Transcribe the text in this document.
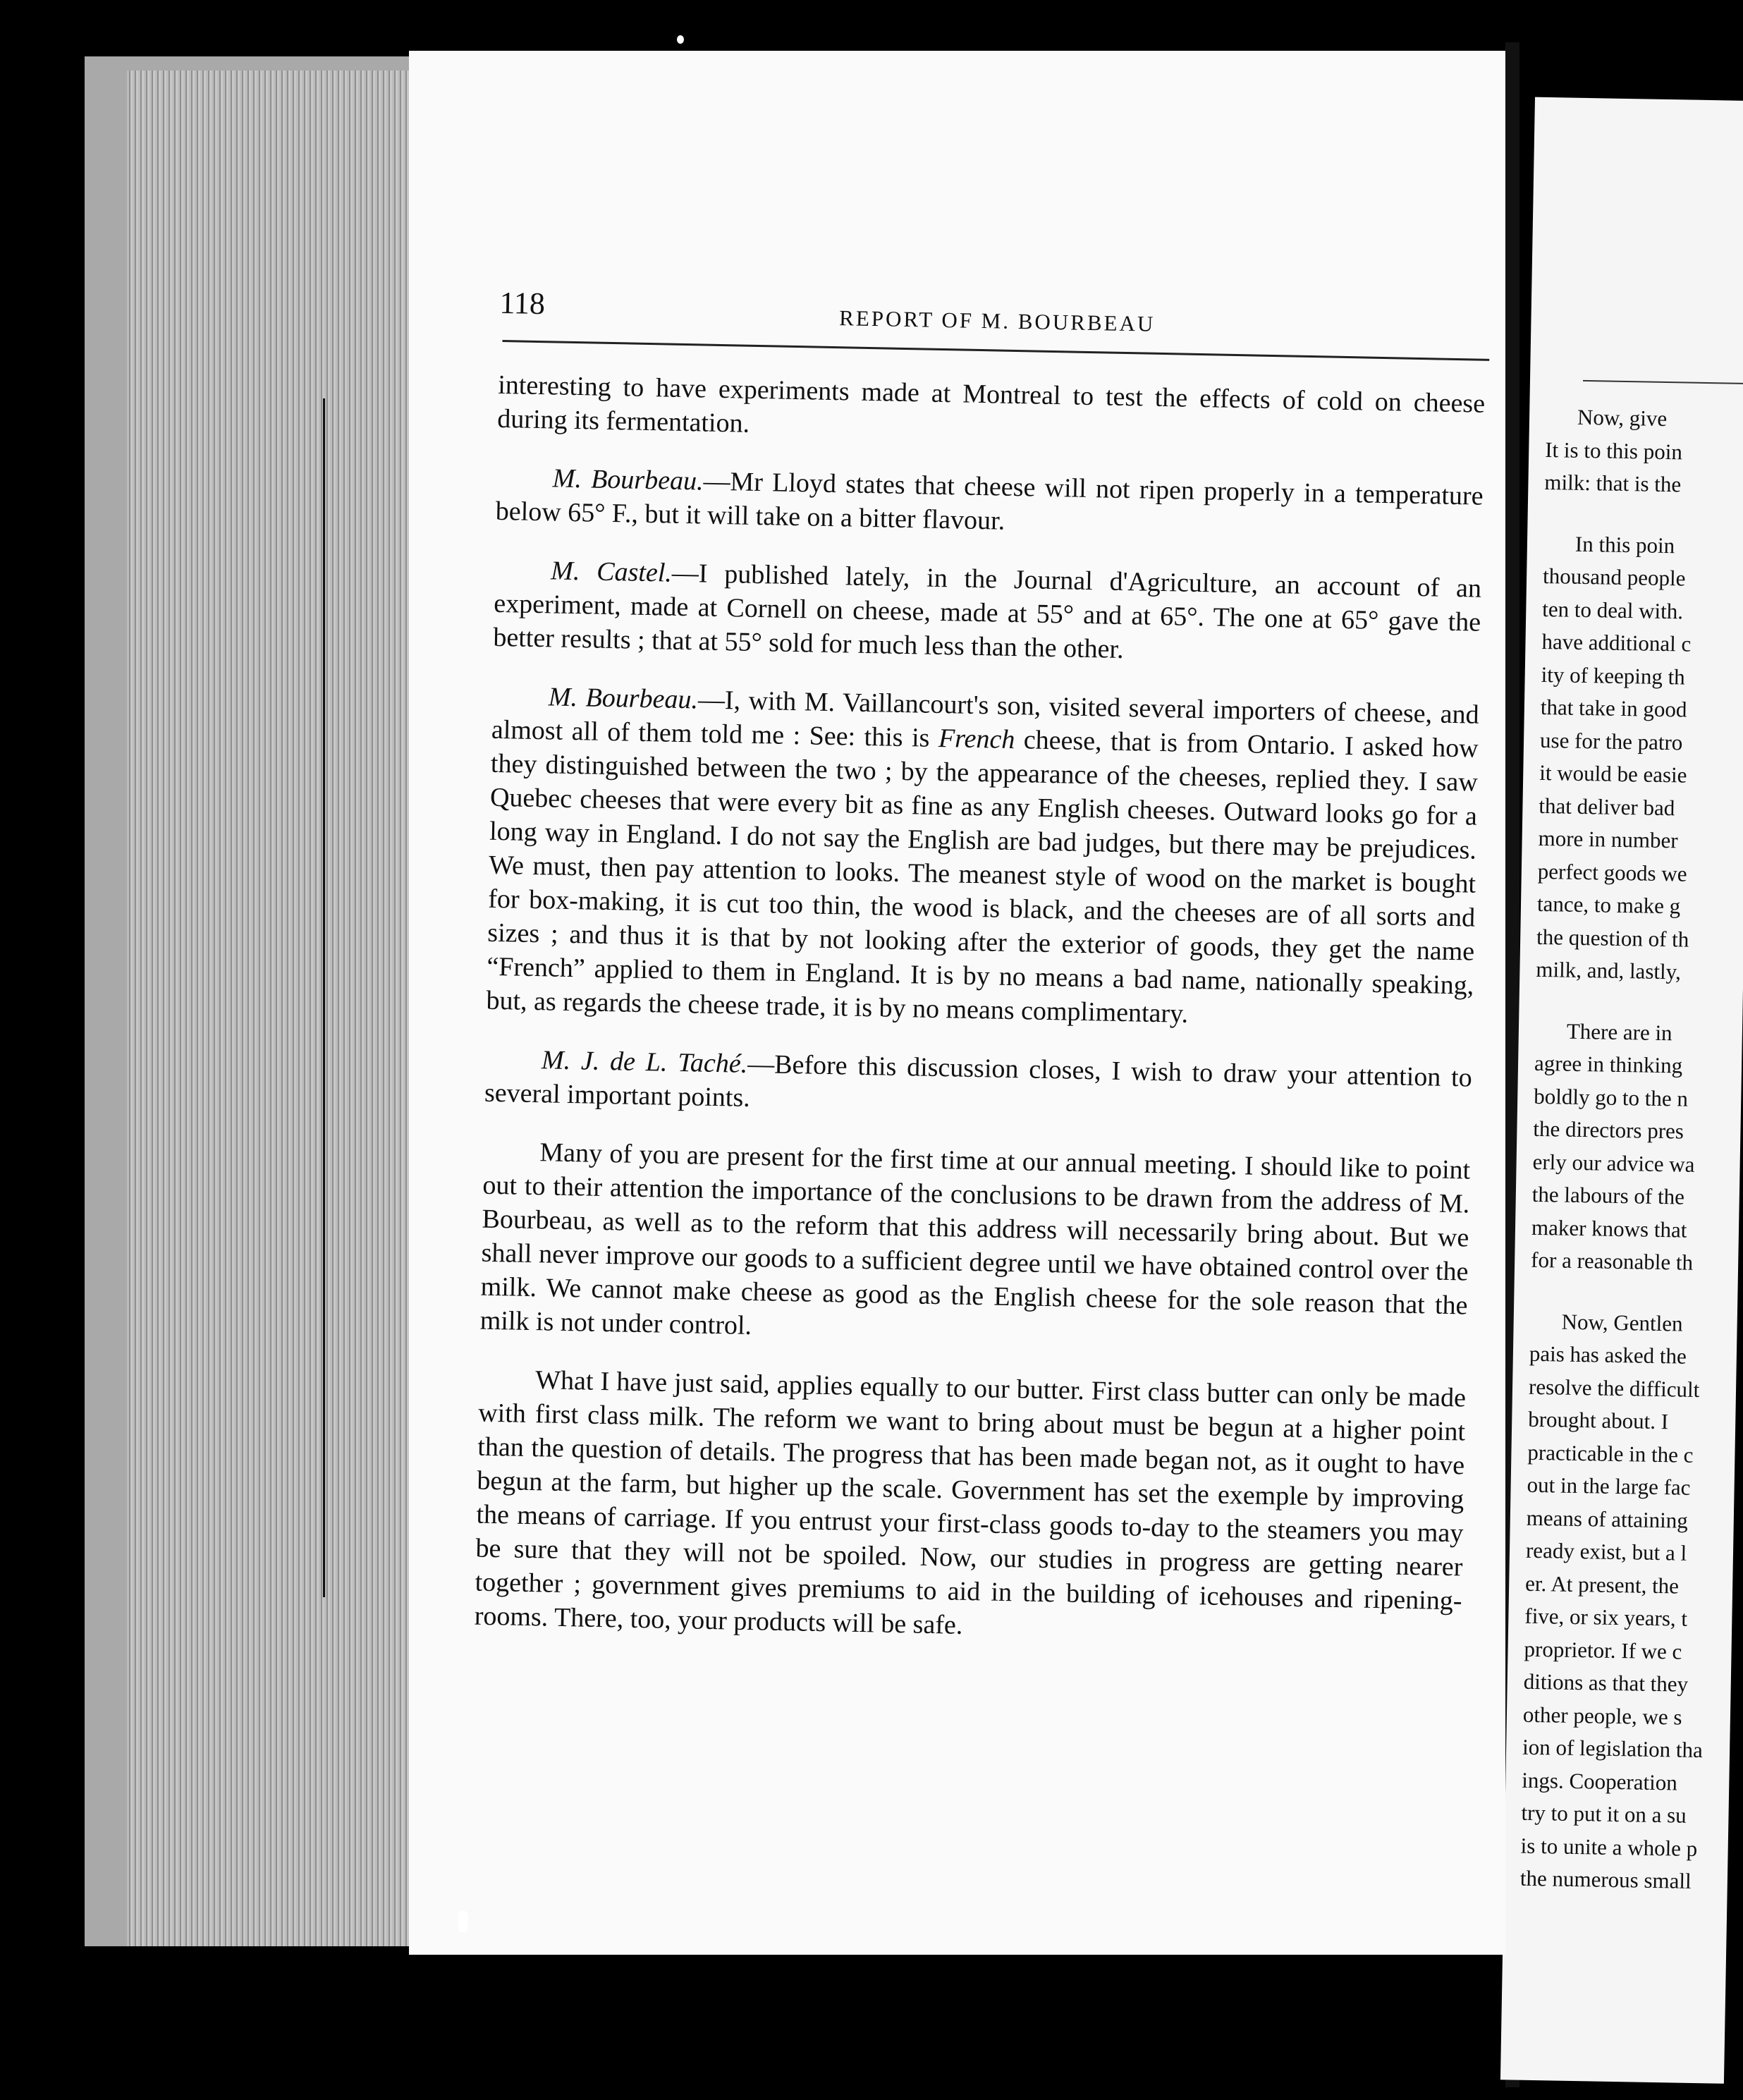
Now, give
It is to this poin
milk: that is the
In this poin
thousand people
ten to deal with.
have additional c
ity of keeping th
that take in good
use for the patro
it would be easie
that deliver bad
more in number
perfect goods we
tance, to make g
the question of th
milk, and, lastly,
There are in
agree in thinking
boldly go to the n
the directors pres
erly our advice wa
the labours of the
maker knows that
for a reasonable th
Now, Gentlen
pais has asked the
resolve the difficult
brought about. I
practicable in the c
out in the large fac
means of attaining
ready exist, but a l
er. At present, the
five, or six years, t
proprietor. If we c
ditions as that they
other people, we s
ion of legislation tha
ings. Cooperation
try to put it on a su
is to unite a whole p
the numerous small
118	REPORT OF M. BOURBEAU

interesting to have experiments made at Montreal to test the effects of cold on cheese during its fermentation.

M. Bourbeau.—Mr Lloyd states that cheese will not ripen properly in a temperature below 65° F., but it will take on a bitter flavour.

M. Castel.—I published lately, in the Journal d'Agriculture, an account of an experiment, made at Cornell on cheese, made at 55° and at 65°. The one at 65° gave the better results ; that at 55° sold for much less than the other.

M. Bourbeau.—I, with M. Vaillancourt's son, visited several importers of cheese, and almost all of them told me : See: this is French cheese, that is from Ontario. I asked how they distinguished between the two ; by the appearance of the cheeses, replied they. I saw Quebec cheeses that were every bit as fine as any English cheeses. Outward looks go for a long way in England. I do not say the English are bad judges, but there may be prejudices. We must, then pay attention to looks. The meanest style of wood on the market is bought for box-making, it is cut too thin, the wood is black, and the cheeses are of all sorts and sizes ; and thus it is that by not looking after the exterior of goods, they get the name “French” applied to them in England. It is by no means a bad name, nationally speaking, but, as regards the cheese trade, it is by no means complimentary.

M. J. de L. Taché.—Before this discussion closes, I wish to draw your attention to several important points.

Many of you are present for the first time at our annual meeting. I should like to point out to their attention the importance of the conclusions to be drawn from the address of M. Bourbeau, as well as to the reform that this address will necessarily bring about. But we shall never improve our goods to a sufficient degree until we have obtained control over the milk. We cannot make cheese as good as the English cheese for the sole reason that the milk is not under control.

What I have just said, applies equally to our butter. First class butter can only be made with first class milk. The reform we want to bring about must be begun at a higher point than the question of details. The progress that has been made began not, as it ought to have begun at the farm, but higher up the scale. Government has set the exemple by improving the means of carriage. If you entrust your first-class goods to-day to the steamers you may be sure that they will not be spoiled. Now, our studies in progress are getting nearer together ; government gives premiums to aid in the building of icehouses and ripening-rooms. There, too, your products will be safe.
